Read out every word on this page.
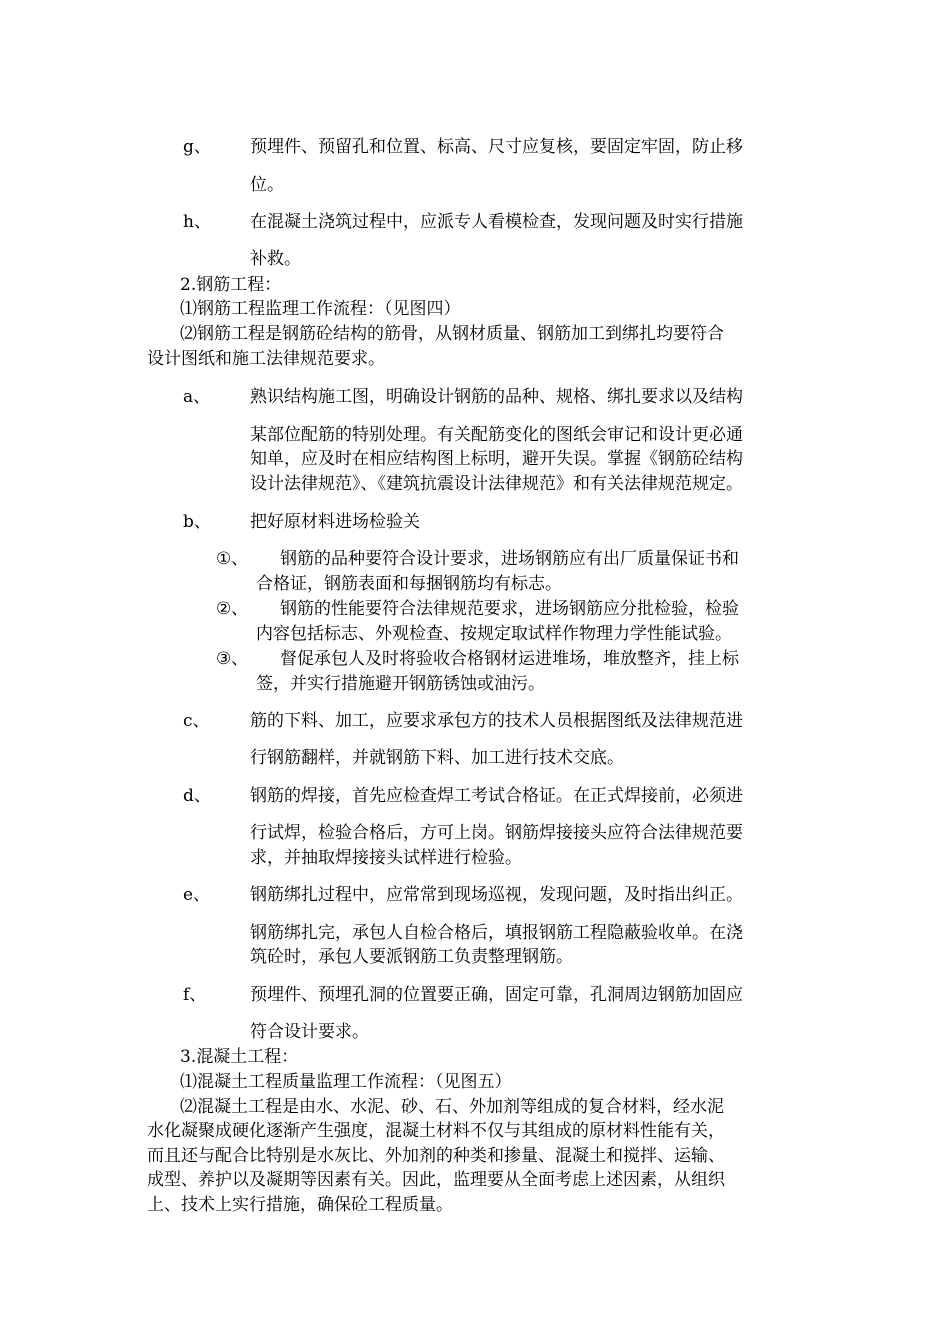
g、 预埋件、预留孔和位置、标高、尺寸应复核，要固定牢固，防止移
位。
h、 在混凝土浇筑过程中，应派专人看模检查，发现问题及时实行措施
补救。
2.钢筋工程：
⑴钢筋工程监理工作流程：（见图四）
⑵钢筋工程是钢筋砼结构的筋骨，从钢材质量、钢筋加工到绑扎均要符合
设计图纸和施工法律规范要求。
a、 熟识结构施工图，明确设计钢筋的品种、规格、绑扎要求以及结构
某部位配筋的特别处理。有关配筋变化的图纸会审记和设计更必通
知单，应及时在相应结构图上标明，避开失误。掌握《钢筋砼结构
设计法律规范》、《建筑抗震设计法律规范》和有关法律规范规定。
b、 把好原材料进场检验关
①、 钢筋的品种要符合设计要求，进场钢筋应有出厂质量保证书和
合格证，钢筋表面和每捆钢筋均有标志。
②、 钢筋的性能要符合法律规范要求，进场钢筋应分批检验，检验
内容包括标志、外观检查、按规定取试样作物理力学性能试验。
③、 督促承包人及时将验收合格钢材运进堆场，堆放整齐，挂上标
签，并实行措施避开钢筋锈蚀或油污。
c、 筋的下料、加工，应要求承包方的技术人员根据图纸及法律规范进
行钢筋翻样，并就钢筋下料、加工进行技术交底。
d、 钢筋的焊接，首先应检查焊工考试合格证。在正式焊接前，必须进
行试焊，检验合格后，方可上岗。钢筋焊接接头应符合法律规范要
求，并抽取焊接接头试样进行检验。
e、 钢筋绑扎过程中，应常常到现场巡视，发现问题，及时指出纠正。
钢筋绑扎完，承包人自检合格后，填报钢筋工程隐蔽验收单。在浇
筑砼时，承包人要派钢筋工负责整理钢筋。
f、	预埋件、预埋孔洞的位置要正确，固定可靠，孔洞周边钢筋加固应
符合设计要求。
3.混凝土工程：
⑴混凝土工程质量监理工作流程：（见图五）
⑵混凝土工程是由水、水泥、砂、石、外加剂等组成的复合材料，经水泥
水化凝聚成硬化逐渐产生强度，混凝土材料不仅与其组成的原材料性能有关，
而且还与配合比特别是水灰比、外加剂的种类和掺量、混凝土和搅拌、运输、
成型、养护以及凝期等因素有关。因此，监理要从全面考虑上述因素，从组织
上、技术上实行措施，确保砼工程质量。
